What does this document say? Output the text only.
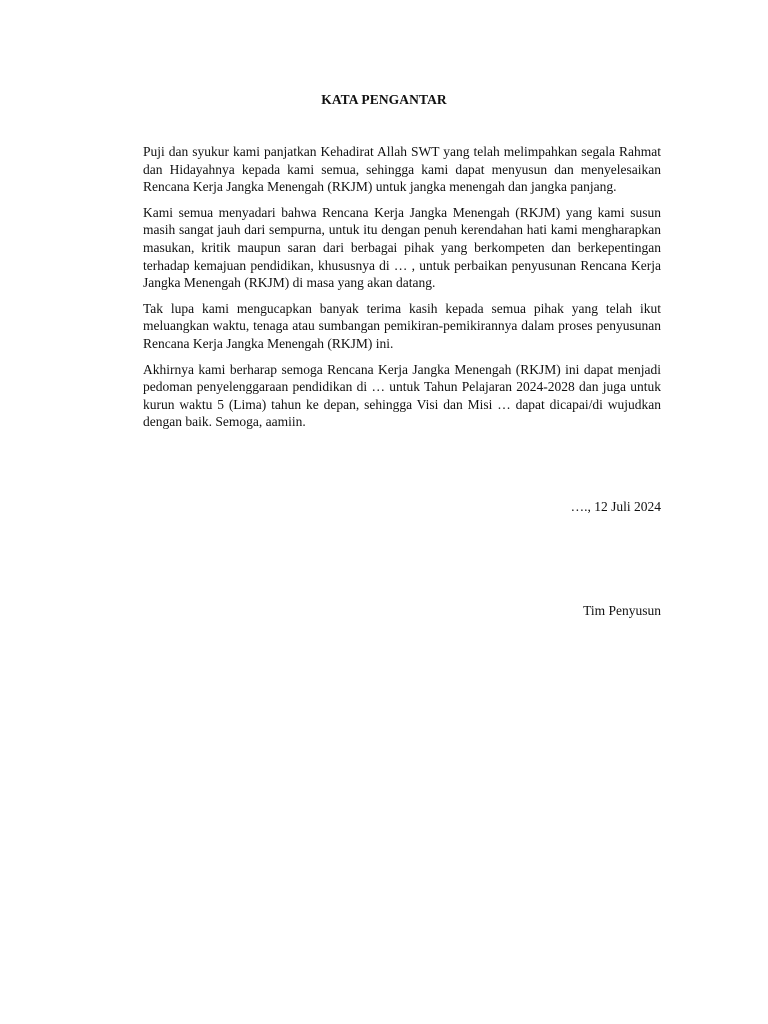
KATA PENGANTAR

Puji dan syukur kami panjatkan Kehadirat Allah SWT yang telah melimpahkan segala Rahmat dan Hidayahnya kepada kami semua, sehingga kami dapat menyusun dan menyelesaikan Rencana Kerja Jangka Menengah (RKJM) untuk jangka menengah dan jangka panjang.

Kami semua menyadari bahwa Rencana Kerja Jangka Menengah (RKJM) yang kami susun masih sangat jauh dari sempurna, untuk itu dengan penuh kerendahan hati kami mengharapkan masukan, kritik maupun saran dari berbagai pihak yang berkompeten dan berkepentingan terhadap kemajuan pendidikan, khususnya di … , untuk perbaikan penyusunan Rencana Kerja Jangka Menengah (RKJM) di masa yang akan datang.

Tak lupa kami mengucapkan banyak terima kasih kepada semua pihak yang telah ikut meluangkan waktu, tenaga atau sumbangan pemikiran-pemikirannya dalam proses penyusunan Rencana Kerja Jangka Menengah (RKJM) ini.

Akhirnya kami berharap semoga Rencana Kerja Jangka Menengah (RKJM) ini dapat menjadi pedoman penyelenggaraan pendidikan di … untuk Tahun Pelajaran 2024-2028 dan juga untuk kurun waktu 5 (Lima) tahun ke depan, sehingga Visi dan Misi … dapat dicapai/di wujudkan dengan baik. Semoga, aamiin.

…., 12 Juli 2024
Tim Penyusun
